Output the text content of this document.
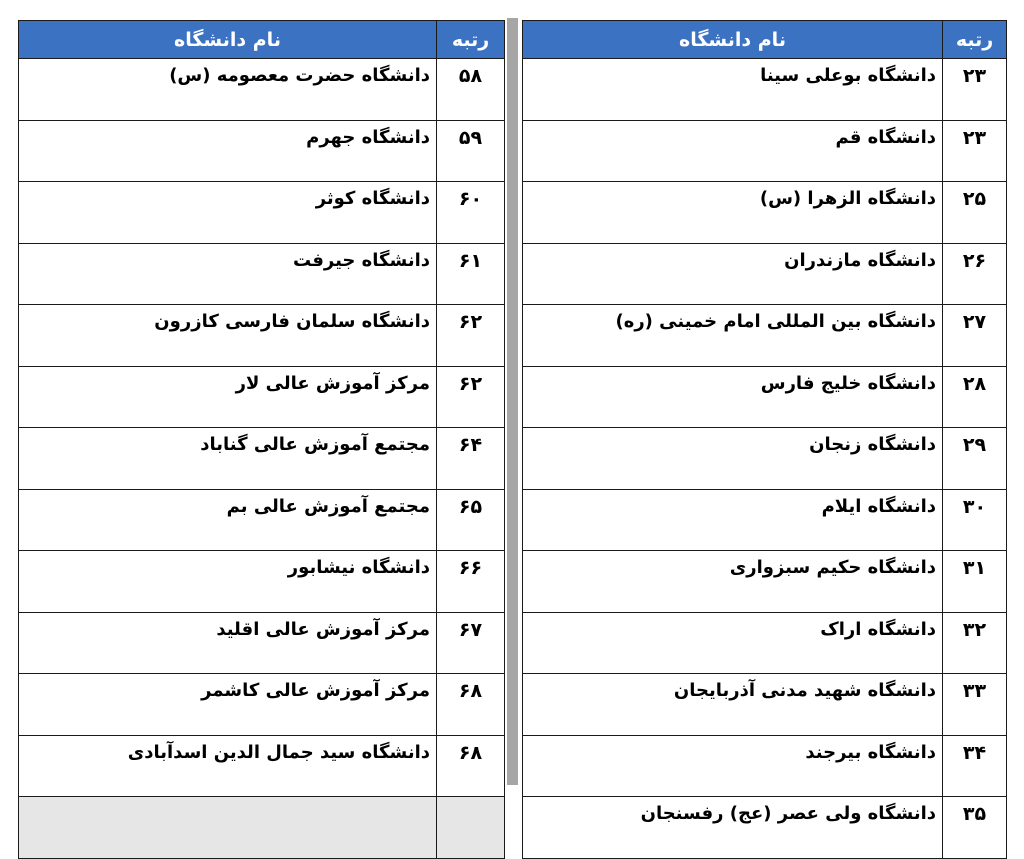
رتبه	نام دانشگاه
۲۳	دانشگاه بوعلی سینا
۲۳	دانشگاه قم
۲۵	دانشگاه الزهرا (س)
۲۶	دانشگاه مازندران
۲۷	دانشگاه بین المللی امام خمینی (ره)
۲۸	دانشگاه خلیج فارس
۲۹	دانشگاه زنجان
۳۰	دانشگاه ایلام
۳۱	دانشگاه حکیم سبزواری
۳۲	دانشگاه اراک
۳۳	دانشگاه شهید مدنی آذربایجان
۳۴	دانشگاه بیرجند
۳۵	دانشگاه ولی عصر (عج) رفسنجان
رتبه	نام دانشگاه
۵۸	دانشگاه حضرت معصومه (س)
۵۹	دانشگاه جهرم
۶۰	دانشگاه کوثر
۶۱	دانشگاه جیرفت
۶۲	دانشگاه سلمان فارسی کازرون
۶۲	مرکز آموزش عالی لار
۶۴	مجتمع آموزش عالی گناباد
۶۵	مجتمع آموزش عالی بم
۶۶	دانشگاه نیشابور
۶۷	مرکز آموزش عالی اقلید
۶۸	مرکز آموزش عالی کاشمر
۶۸	دانشگاه سید جمال الدین اسدآبادی
